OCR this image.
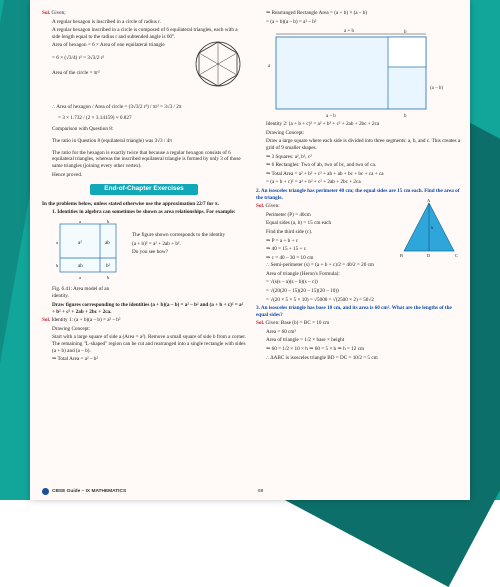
Sol. Given;

A regular hexagon is inscribed in a circle of radius r.

A regular hexagon inscribed in a circle is composed of 6 equilateral triangles, each with a side length equal to the radius r and subtended angle is 60°.

Area of hexagon = 6 × Area of one equilateral triangle

= 6 × (√3/4) r² = 3√3/2 r²

Area of the circle = πr²

∴ Area of hexagon / Area of circle = (3√3/2 r²) / πr² = 3√3 / 2π

= 3 × 1.732 / (2 × 3.14159) ≈ 0.827

Comparison with Question 8:

The ratio in Question 8 (equilateral triangle) was 3√3 / 4π

The ratio for the hexagon is exactly twice that because a regular hexagon consists of 6 equilateral triangles, whereas the inscribed equilateral triangle is formed by only 3 of those same triangles (joining every other vertex).

Hence proved.

End-of-Chapter Exercises

In the problems below, unless stated otherwise use the approximation 22/7 for π.

1. Identities in algebra can sometimes be shown as area relationships. For example:

a²	ab
ab	b²
a	b
a
b
a	b

The figure shown corresponds to the identity

(a + b)² = a² + 2ab + b².

Do you see how?

Fig. 6.41: Area model of an identity.

Draw figures corresponding to the identities (a + b)(a – b) = a² – b² and (a + b + c)² = a² + b² + c² + 2ab + 2bc + 2ca.

Sol. Identity 1: (a + b)(a – b) = a² – b²

Drawing Concept:

Start with a large square of side a (Area = a²). Remove a small square of side b from a corner. The remaining "L-shaped" region can be cut and rearranged into a single rectangle with sides (a + b) and (a – b).

⇒ Total Area = a² – b²

⇒ Rearranged Rectangle Area = (a + b) × (a – b)

= (a + b)(a – b) = a² – b²

a + b	b
a
(a – b)
a – b	b

Identity 2: (a + b + c)² = a² + b² + c² + 2ab + 2bc + 2ca

Drawing Concept:

Draw a large square where each side is divided into three segments: a, b, and c. This creates a grid of 9 smaller shapes.

⇒ 3 Squares: a², b², c²

⇒ 6 Rectangles: Two of ab, two of bc, and two of ca.

⇒ Total Area = a² + b² + c² + ab + ab + bc + bc + ca + ca

= (a + b + c)² = a² + b² + c² + 2ab + 2bc + 2ca

2. An isosceles triangle has perimeter 40 cm; the equal sides are 15 cm each. Find the area of the triangle.

Sol. Given:

Perimeter (P) = 40cm

Equal sides (a, b) = 15 cm each

Find the third side (c).

⇒ P = a + b + c

⇒ 40 = 15 + 15 + c

⇒ c = 40 – 30 = 10 cm

A
B	D	C
h

∴ Semi-perimeter (s) = (a + b + c)/2 = 40/2 = 20 cm

Area of triangle (Heron's Formula):

= √(s(s – a)(s – b)(s – c))

= √(20(20 – 15)(20 – 15)(20 – 10))

= √(20 × 5 × 5 × 10) = √5000 = √(2500 × 2) = 50√2

3. An isosceles triangle has base 10 cm, and its area is 60 cm². What are the lengths of the equal sides?

Sol. Given: Base (b) = BC = 10 cm

Area = 60 cm²

Area of triangle = 1/2 × base × height

⇒ 60 = 1/2 × 10 × h ⇒ 60 = 5 × h ⇒ h = 12 cm

∴ ΔABC is isosceles triangle BD = DC = 10/2 = 5 cm

CBSE Guide – IX MATHEMATICS	68
